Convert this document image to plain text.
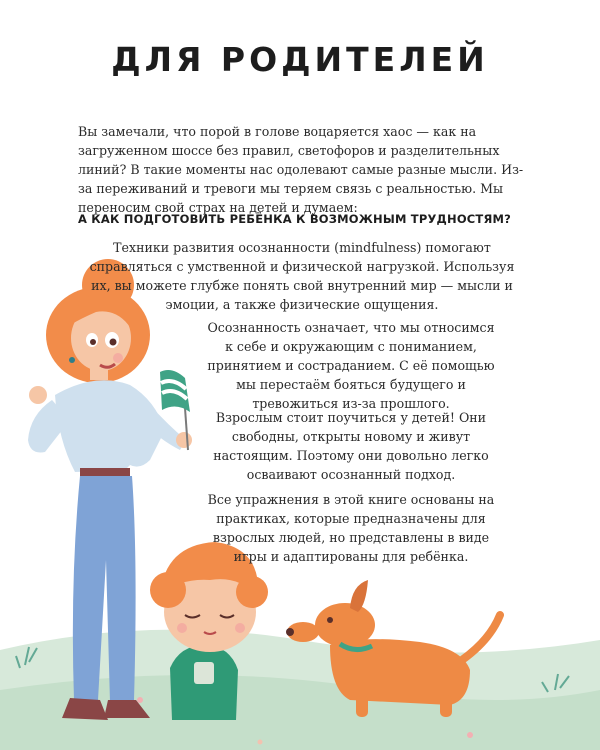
ДЛЯ РОДИТЕЛЕЙ

Вы замечали, что порой в голове воцаряется хаос — как на загруженном шоссе без правил, светофоров и разделительных линий? В такие моменты нас одолевают самые разные мысли. Из-за переживаний и тревоги мы теряем связь с реальностью. Мы переносим свой страх на детей и думаем:

А КАК ПОДГОТОВИТЬ РЕБЁНКА К ВОЗМОЖНЫМ ТРУДНОСТЯМ?

Техники развития осознанности (mindfulness) помогают справляться с умственной и физической нагрузкой. Используя их, вы можете глубже понять свой внутренний мир — мысли и эмоции, а также физические ощущения.

Осознанность означает, что мы относимся к себе и окружающим с пониманием, принятием и состраданием. С её помощью мы перестаём бояться будущего и тревожиться из-за прошлого.

Взрослым стоит поучиться у детей! Они свободны, открыты новому и живут настоящим. Поэтому они довольно легко осваивают осознанный подход.

Все упражнения в этой книге основаны на практиках, которые предназначены для взрослых людей, но представлены в виде игры и адаптированы для ребёнка.
